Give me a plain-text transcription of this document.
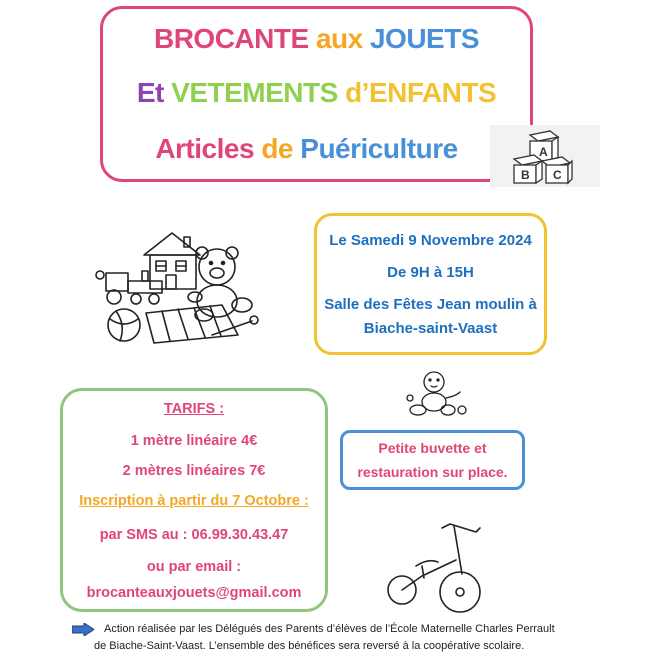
BROCANTE aux JOUETS
Et VETEMENTS d’ENFANTS
Articles de Puériculture	A
B C
Le Samedi 9 Novembre 2024
De 9H à 15H
Salle des Fêtes Jean moulin à
Biache-saint-Vaast
TARIFS :
1 mètre linéaire 4€
2 mètres linéaires 7€
Inscription à partir du 7 Octobre :
par SMS au : 06.99.30.43.47
ou par email :
brocanteauxjouets@gmail.com
Petite buvette et
restauration sur place.
Action réalisée par les Délégués des Parents d’élèves de l’École Maternelle Charles Perrault
de Biache-Saint-Vaast. L’ensemble des bénéfices sera reversé à la coopérative scolaire.
